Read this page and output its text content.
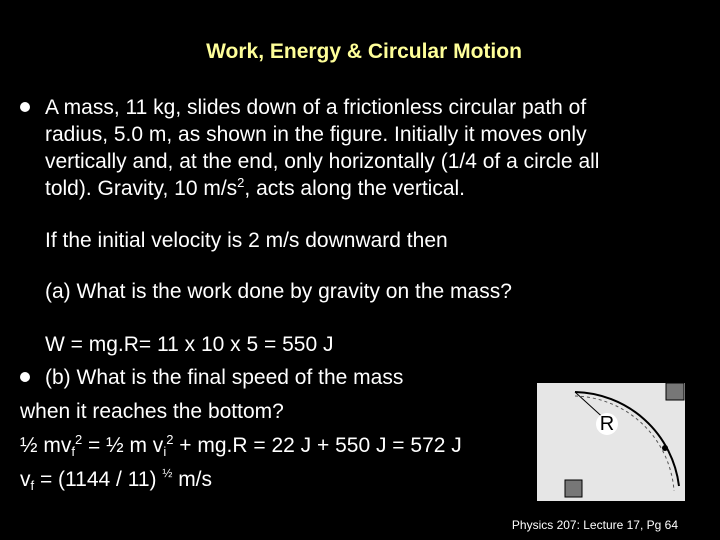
Work, Energy & Circular Motion
A mass, 11 kg, slides down of a frictionless circular path of
radius, 5.0 m, as shown in the figure. Initially it moves only
vertically and, at the end, only horizontally (1/4 of a circle all
told). Gravity, 10 $m/s^2$, acts along the vertical.
If the initial velocity is 2 m/s downward then
(a) What is the work done by gravity on the mass?
W = mg.R= 11 x 10 x 5 = 550 J
(b) What is the final speed of the mass
when it reaches the bottom?
½ $mv_f^2$ = ½ m $v_i^2 + mg.R = 22$ J + 550 J = 572 J
$v_f = (1144 / 11)$ $^{\frac{1}{2}}$ m/s
R
Physics 207: Lecture 17, Pg 64
